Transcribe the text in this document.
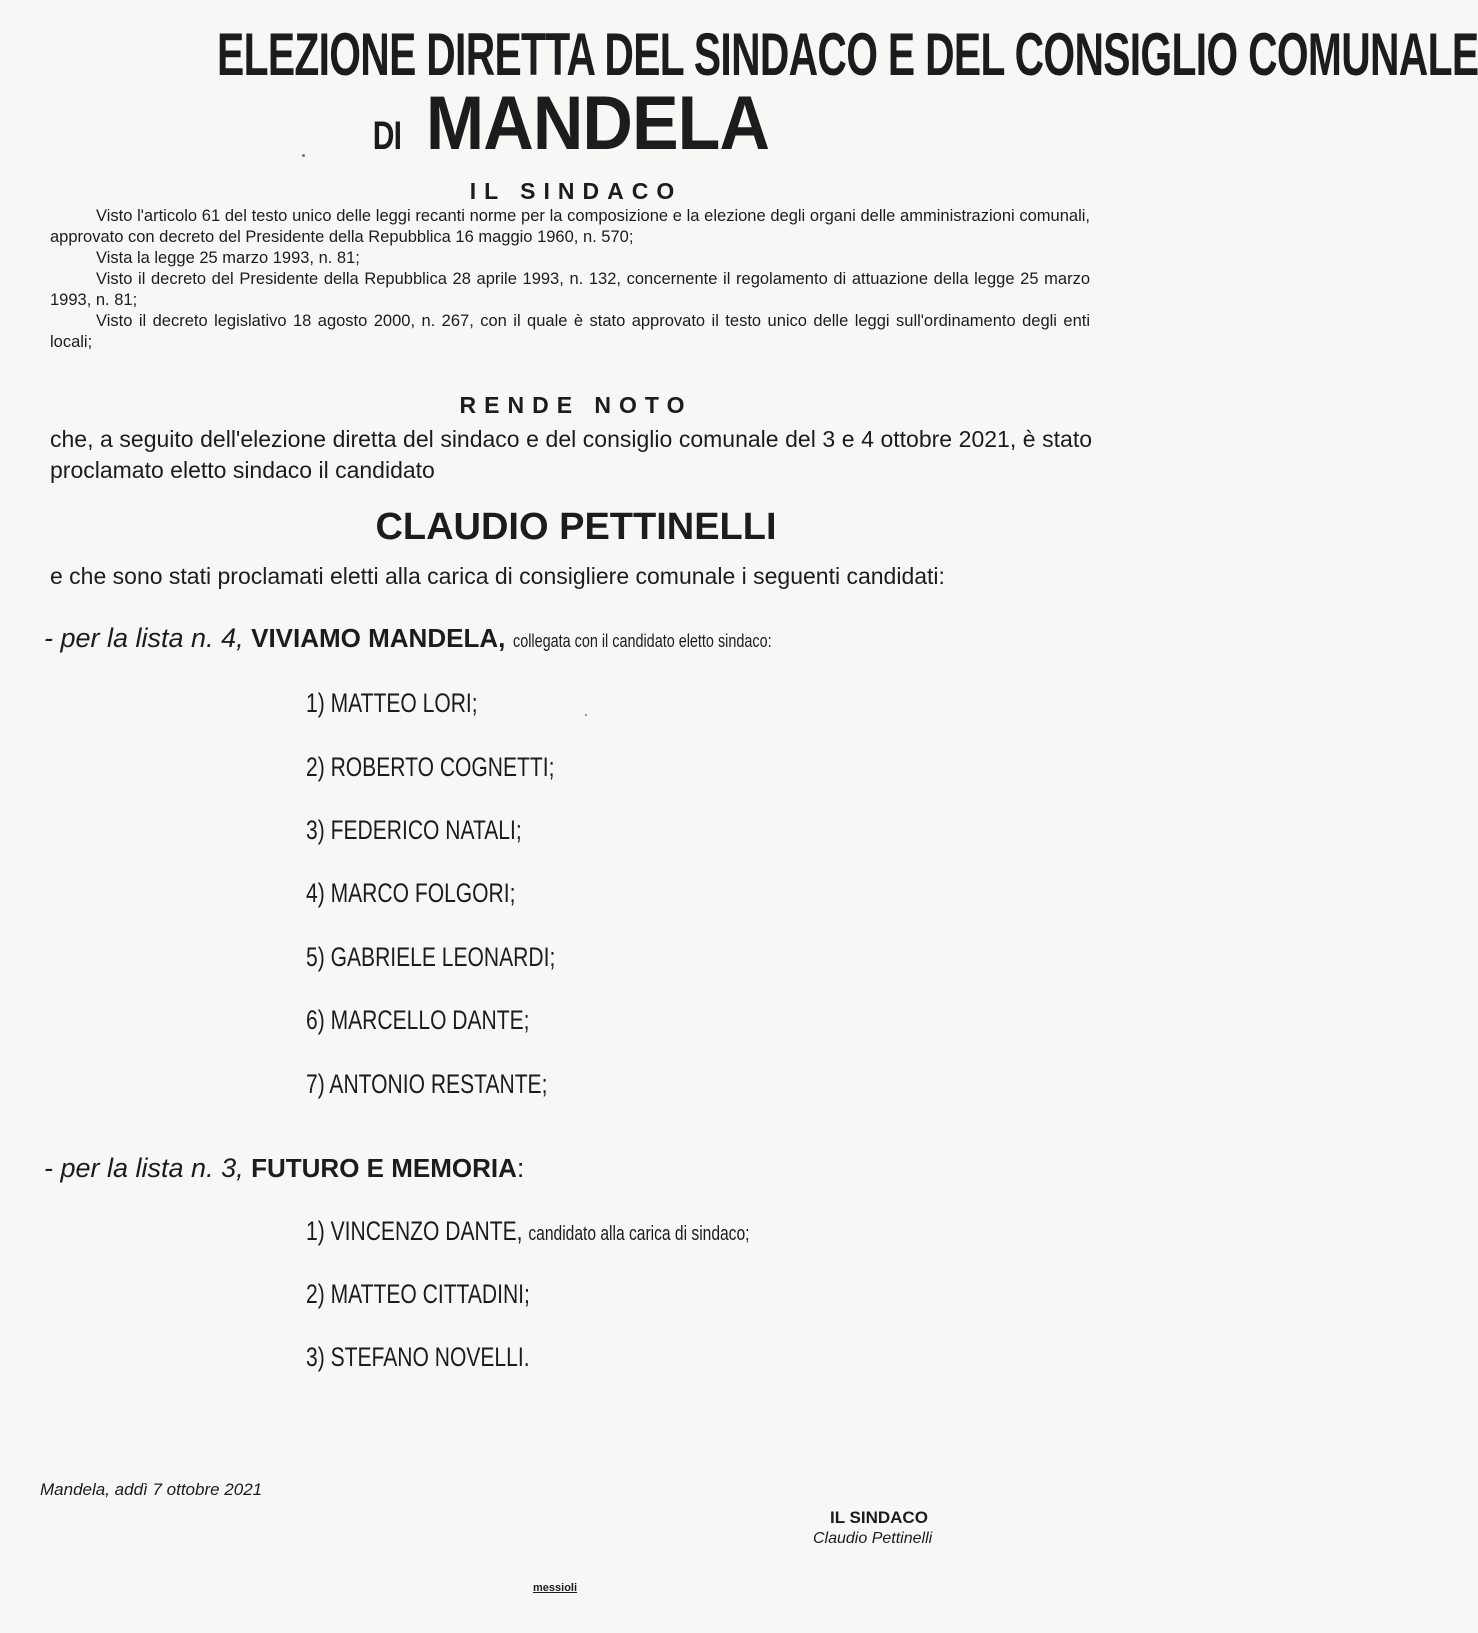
ELEZIONE DIRETTA DEL SINDACO E DEL CONSIGLIO COMUNALE
DI MANDELA
IL SINDACO
Visto l'articolo 61 del testo unico delle leggi recanti norme per la composizione e la elezione degli organi delle amministrazioni comunali, approvato con decreto del Presidente della Repubblica 16 maggio 1960, n. 570;
Vista la legge 25 marzo 1993, n. 81;
Visto il decreto del Presidente della Repubblica 28 aprile 1993, n. 132, concernente il regolamento di attuazione della legge 25 marzo 1993, n. 81;
Visto il decreto legislativo 18 agosto 2000, n. 267, con il quale è stato approvato il testo unico delle leggi sull'ordinamento degli enti locali;
RENDE NOTO
che, a seguito dell'elezione diretta del sindaco e del consiglio comunale del 3 e 4 ottobre 2021, è stato proclamato eletto sindaco il candidato
CLAUDIO PETTINELLI
e che sono stati proclamati eletti alla carica di consigliere comunale i seguenti candidati:
- per la lista n. 4, VIVIAMO MANDELA, collegata con il candidato eletto sindaco:
1) MATTEO LORI;
2) ROBERTO COGNETTI;
3) FEDERICO NATALI;
4) MARCO FOLGORI;
5) GABRIELE LEONARDI;
6) MARCELLO DANTE;
7) ANTONIO RESTANTE;
- per la lista n. 3, FUTURO E MEMORIA:
1) VINCENZO DANTE, candidato alla carica di sindaco;
2) MATTEO CITTADINI;
3) STEFANO NOVELLI.
Mandela, addì 7 ottobre 2021
IL SINDACO
Claudio Pettinelli
messioli
